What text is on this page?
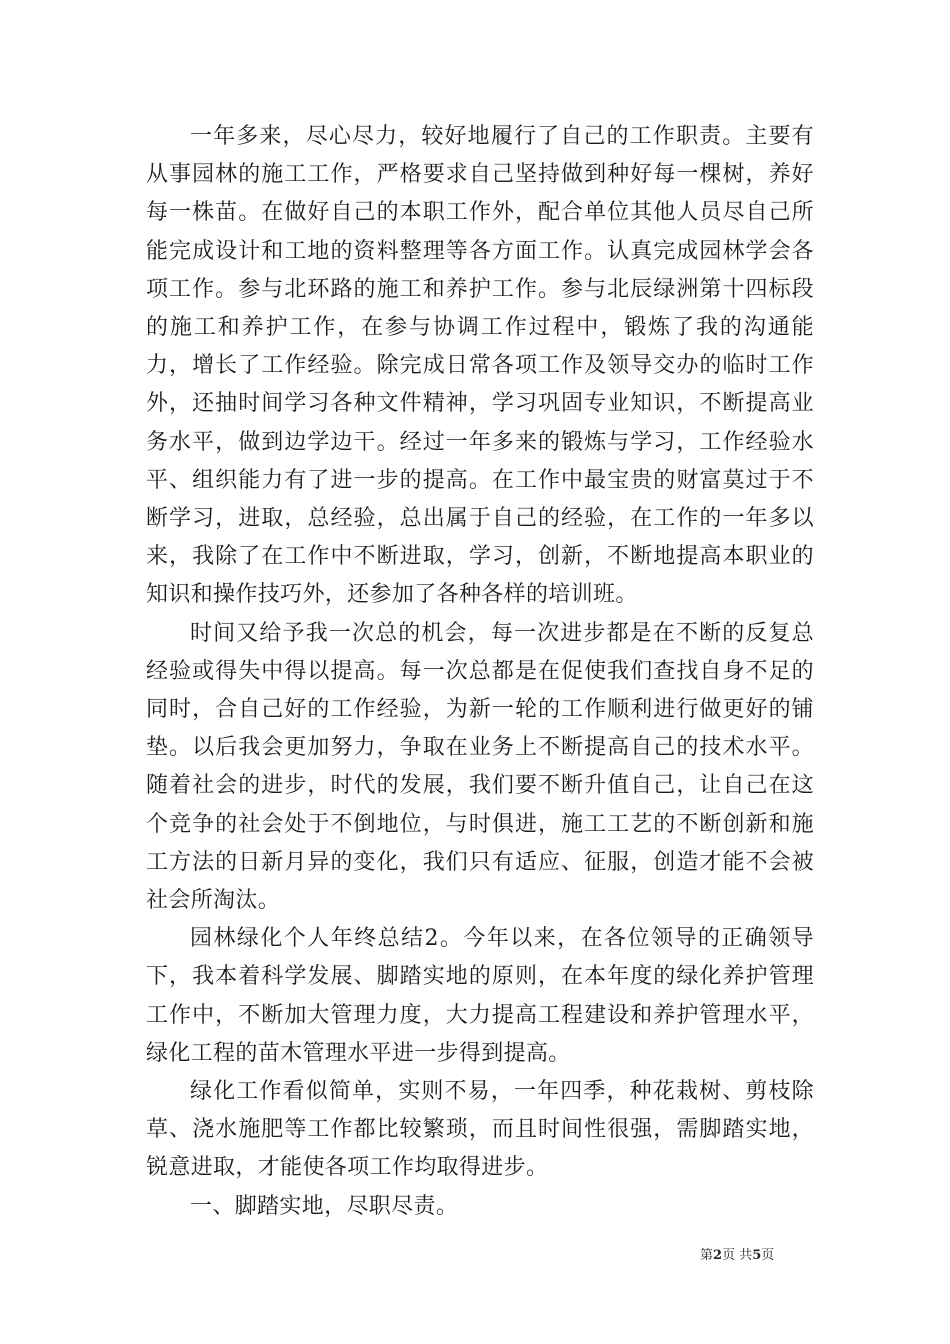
一年多来，尽心尽力，较好地履行了自己的工作职责。主要有从事园林的施工工作，严格要求自己坚持做到种好每一棵树，养好每一株苗。在做好自己的本职工作外，配合单位其他人员尽自己所能完成设计和工地的资料整理等各方面工作。认真完成园林学会各项工作。参与北环路的施工和养护工作。参与北辰绿洲第十四标段的施工和养护工作，在参与协调工作过程中，锻炼了我的沟通能力，增长了工作经验。除完成日常各项工作及领导交办的临时工作外，还抽时间学习各种文件精神，学习巩固专业知识，不断提高业务水平，做到边学边干。经过一年多来的锻炼与学习，工作经验水平、组织能力有了进一步的提高。在工作中最宝贵的财富莫过于不断学习，进取，总经验，总出属于自己的经验，在工作的一年多以来，我除了在工作中不断进取，学习，创新，不断地提高本职业的知识和操作技巧外，还参加了各种各样的培训班。

时间又给予我一次总的机会，每一次进步都是在不断的反复总经验或得失中得以提高。每一次总都是在促使我们查找自身不足的同时，合自己好的工作经验，为新一轮的工作顺利进行做更好的铺垫。以后我会更加努力，争取在业务上不断提高自己的技术水平。随着社会的进步，时代的发展，我们要不断升值自己，让自己在这个竞争的社会处于不倒地位，与时俱进，施工工艺的不断创新和施工方法的日新月异的变化，我们只有适应、征服，创造才能不会被社会所淘汰。

园林绿化个人年终总结2。今年以来，在各位领导的正确领导下，我本着科学发展、脚踏实地的原则，在本年度的绿化养护管理工作中，不断加大管理力度，大力提高工程建设和养护管理水平，绿化工程的苗木管理水平进一步得到提高。

绿化工作看似简单，实则不易，一年四季，种花栽树、剪枝除草、浇水施肥等工作都比较繁琐，而且时间性很强，需脚踏实地，锐意进取，才能使各项工作均取得进步。

一、脚踏实地，尽职尽责。

第2页 共5页
